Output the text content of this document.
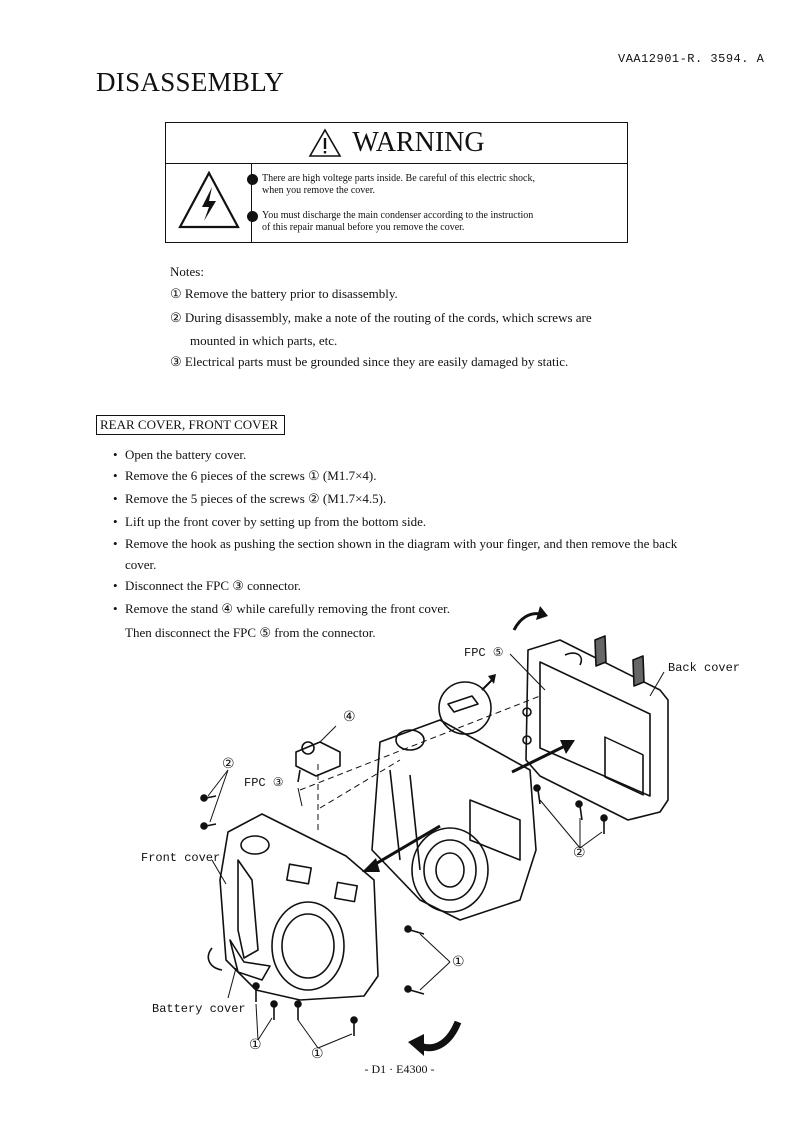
VAA12901-R. 3594. A
DISASSEMBLY
WARNING
There are high voltege parts inside. Be careful of this electric shock,
when you remove the cover.
You must discharge the main condenser according to the instruction
of this repair manual before you remove the cover.
Notes:
① Remove the battery prior to disassembly.
② During disassembly, make a note of the routing of the cords, which screws are
mounted in which parts, etc.
③ Electrical parts must be grounded since they are easily damaged by static.
REAR COVER, FRONT COVER
• Open the battery cover.
• Remove the 6 pieces of the screws ① (M1.7×4).
• Remove the 5 pieces of the screws ② (M1.7×4.5).
• Lift up the front cover by setting up from the bottom side.
• Remove the hook as pushing the section shown in the diagram with your finger, and then remove the back
cover.
• Disconnect the FPC ③ connector.
• Remove the stand ④ while carefully removing the front cover.
Then disconnect the FPC ⑤ from the connector.
FPC ⑤
Back cover
④
②
FPC ③
Front cover	②
①
Battery cover
①
①
- D1 · E4300 -
